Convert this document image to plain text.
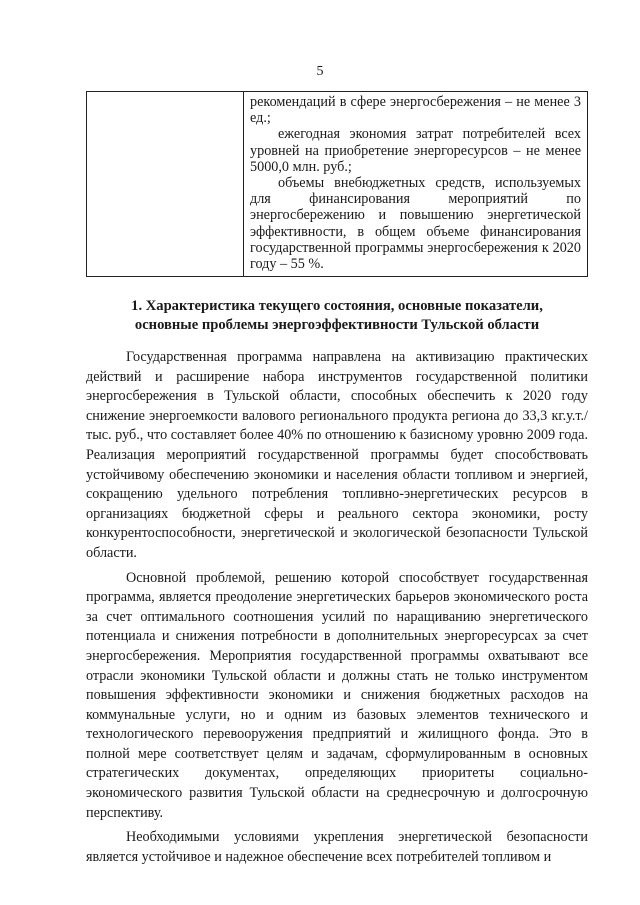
5

рекомендаций в сфере энергосбережения – не менее 3 ед.;

ежегодная экономия затрат потребителей всех уровней на приобретение энергоресурсов – не менее 5000,0 млн. руб.;

объемы внебюджетных средств, используемых для финансирования мероприятий по энергосбережению и повышению энергетической эффективности, в общем объеме финансирования государственной программы энергосбережения к 2020 году – 55 %.

1. Характеристика текущего состояния, основные показатели,
основные проблемы энергоэффективности Тульской области

Государственная программа направлена на активизацию практических действий и расширение набора инструментов государственной политики энергосбережения в Тульской области, способных обеспечить к 2020 году снижение энергоемкости валового регионального продукта региона до 33,3 кг.у.т./тыс. руб., что составляет более 40% по отношению к базисному уровню 2009 года. Реализация мероприятий государственной программы будет способствовать устойчивому обеспечению экономики и населения области топливом и энергией, сокращению удельного потребления топливно-энергетических ресурсов в организациях бюджетной сферы и реального сектора экономики, росту конкурентоспособности, энергетической и экологической безопасности Тульской области.

Основной проблемой, решению которой способствует государственная программа, является преодоление энергетических барьеров экономического роста за счет оптимального соотношения усилий по наращиванию энергетического потенциала и снижения потребности в дополнительных энергоресурсах за счет энергосбережения. Мероприятия государственной программы охватывают все отрасли экономики Тульской области и должны стать не только инструментом повышения эффективности экономики и снижения бюджетных расходов на коммунальные услуги, но и одним из базовых элементов технического и технологического перевооружения предприятий и жилищного фонда. Это в полной мере соответствует целям и задачам, сформулированным в основных стратегических документах, определяющих приоритеты социально-экономического развития Тульской области на среднесрочную и долгосрочную перспективу.

Необходимыми условиями укрепления энергетической безопасности является устойчивое и надежное обеспечение всех потребителей топливом и
